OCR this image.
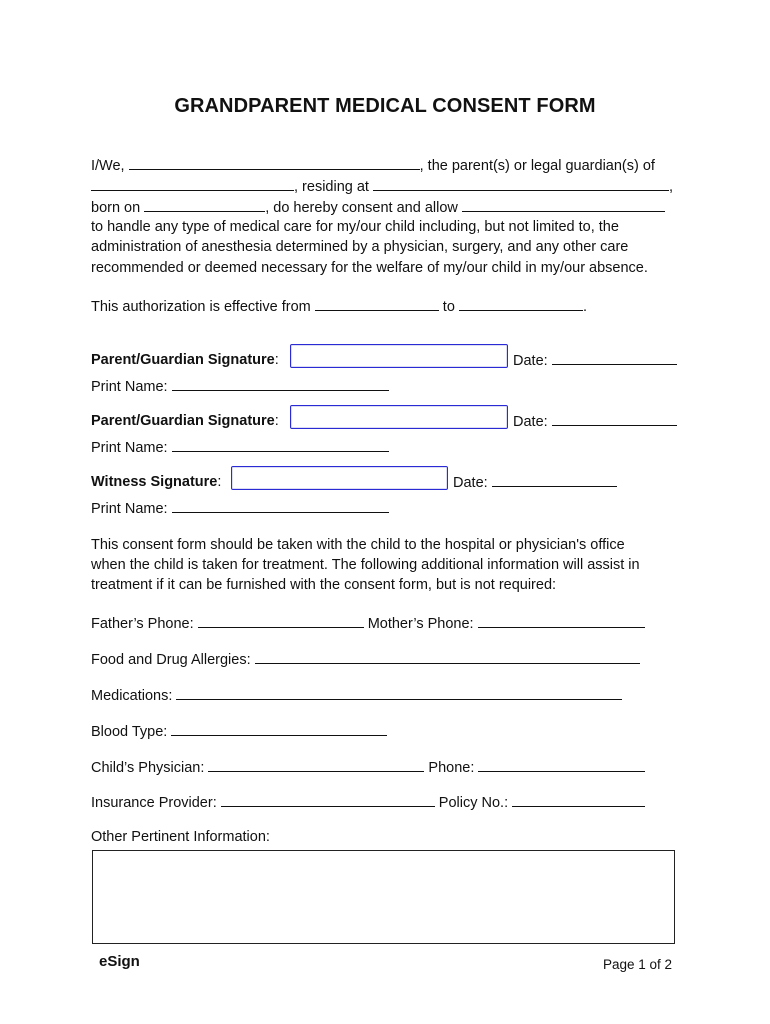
GRANDPARENT MEDICAL CONSENT FORM
I/We,	, the parent(s) or legal guardian(s) of
, residing at	,
born on	, do hereby consent and allow
to handle any type of medical care for my/our child including, but not limited to, the
administration of anesthesia determined by a physician, surgery, and any other care
recommended or deemed necessary for the welfare of my/our child in my/our absence.
This authorization is effective from	to	.
Parent/Guardian Signature:	Date:
Print Name:
Parent/Guardian Signature:	Date:
Print Name:
Witness Signature:	Date:
Print Name:
This consent form should be taken with the child to the hospital or physician's office
when the child is taken for treatment. The following additional information will assist in
treatment if it can be furnished with the consent form, but is not required:
Father’s Phone:	Mother’s Phone:
Food and Drug Allergies:
Medications:
Blood Type:
Child’s Physician:	Phone:
Insurance Provider:	Policy No.:
Other Pertinent Information:
eSign	Page 1 of 2
